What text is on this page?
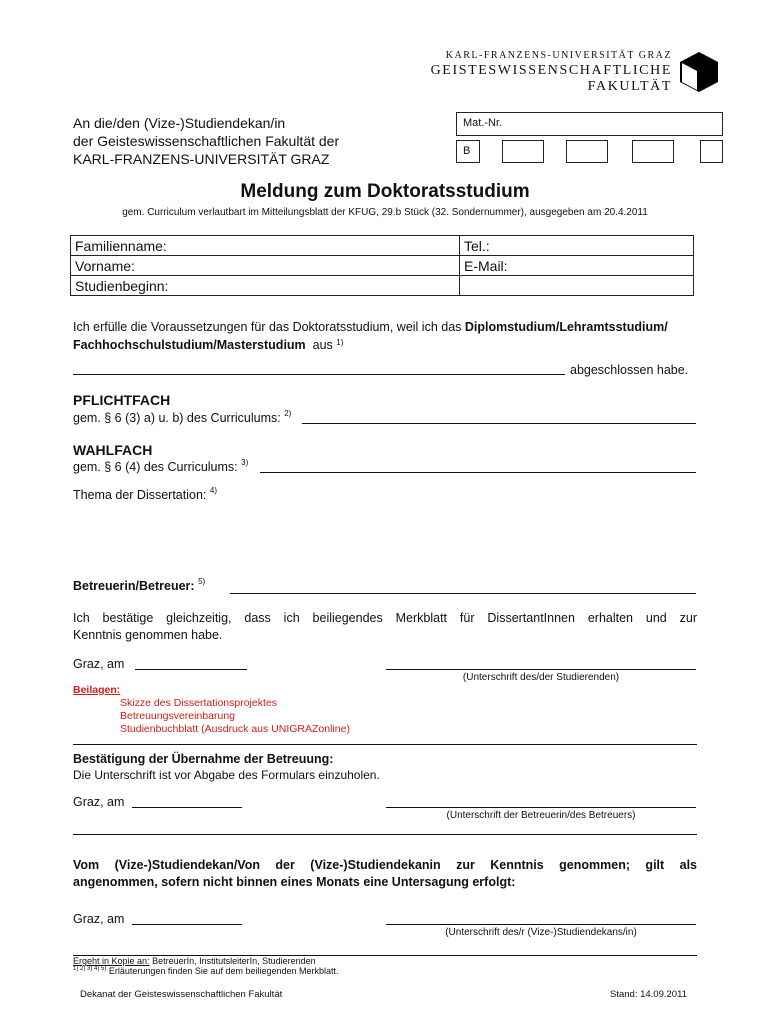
KARL-FRANZENS-UNIVERSITÄT GRAZ
GEISTESWISSENSCHAFTLICHE
FAKULTÄT
An die/den (Vize-)Studiendekan/in
der Geisteswissenschaftlichen Fakultät der
KARL-FRANZENS-UNIVERSITÄT GRAZ
Mat.-Nr.
B
Meldung zum Doktoratsstudium
gem. Curriculum verlautbart im Mitteilungsblatt der KFUG, 29.b Stück (32. Sondernummer), ausgegeben am 20.4.2011
Familienname:	Tel.:
Vorname:	E-Mail:
Studienbeginn:	
Ich erfülle die Voraussetzungen für das Doktoratsstudium, weil ich das Diplomstudium/Lehramtsstudium/
Fachhochschulstudium/Masterstudium aus $^{1)}$
abgeschlossen habe.
PFLICHTFACH
gem. § 6 (3) a) u. b) des Curriculums: $^{2)}$
WAHLFACH
gem. § 6 (4) des Curriculums: $^{3)}$
Thema der Dissertation: $^{4)}$
Betreuerin/Betreuer: $^{5)}$
Ich bestätige gleichzeitig, dass ich beiliegendes Merkblatt für DissertantInnen erhalten und zur
Kenntnis genommen habe.
Graz, am
(Unterschrift des/der Studierenden)
Beilagen:
Skizze des Dissertationsprojektes
Betreuungsvereinbarung
Studienbuchblatt (Ausdruck aus UNIGRAZonline)
Bestätigung der Übernahme der Betreuung:
Die Unterschrift ist vor Abgabe des Formulars einzuholen.
Graz, am
(Unterschrift der Betreuerin/des Betreuers)
Vom (Vize-)Studiendekan/Von der (Vize-)Studiendekanin zur Kenntnis genommen; gilt als
angenommen, sofern nicht binnen eines Monats eine Untersagung erfolgt:
Graz, am
(Unterschrift des/r (Vize-)Studiendekans/in)
Ergeht in Kopie an: BetreuerIn, InstitutsleiterIn, Studierenden
$^{1) 2) 3) 4) 5)}$ Erläuterungen finden Sie auf dem beiliegenden Merkblatt.
Dekanat der Geisteswissenschaftlichen Fakultät	Stand: 14.09.2011
